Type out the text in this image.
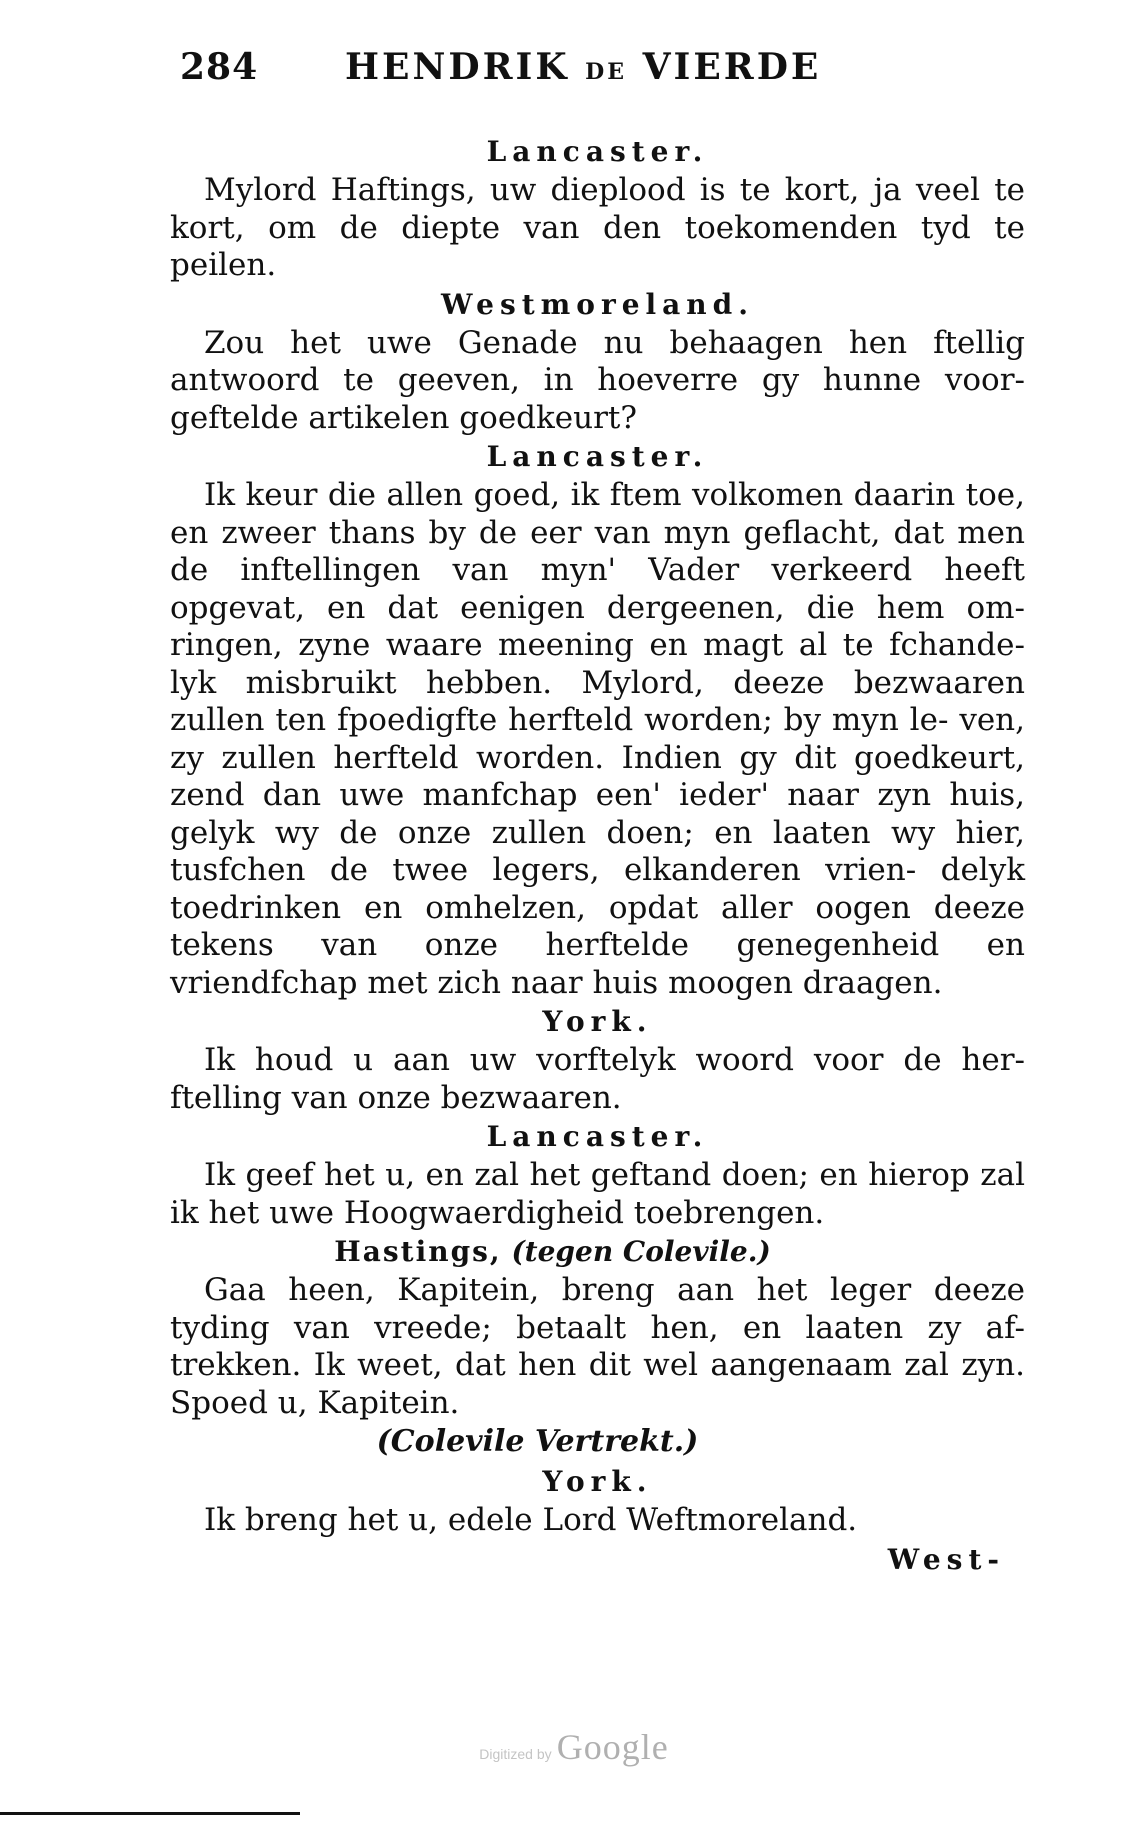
284 HENDRIK DE VIERDE
Lancaster.

Mylord Haftings, uw dieplood is te kort, ja veel te kort, om de diepte van den toekomenden tyd te peilen.

Westmoreland.

Zou het uwe Genade nu behaagen hen ftellig antwoord te geeven, in hoeverre gy hunne voor- geftelde artikelen goedkeurt?

Lancaster.

Ik keur die allen goed, ik ftem volkomen daarin toe, en zweer thans by de eer van myn geflacht, dat men de inftellingen van myn' Vader verkeerd heeft opgevat, en dat eenigen dergeenen, die hem om- ringen, zyne waare meening en magt al te fchande- lyk misbruikt hebben. Mylord, deeze bezwaaren zullen ten fpoedigfte herfteld worden; by myn le- ven, zy zullen herfteld worden. Indien gy dit goedkeurt, zend dan uwe manfchap een' ieder' naar zyn huis, gelyk wy de onze zullen doen; en laaten wy hier, tusfchen de twee legers, elkanderen vrien- delyk toedrinken en omhelzen, opdat aller oogen deeze tekens van onze herftelde genegenheid en vriendfchap met zich naar huis moogen draagen.

York.

Ik houd u aan uw vorftelyk woord voor de her- ftelling van onze bezwaaren.

Lancaster.

Ik geef het u, en zal het geftand doen; en hierop zal ik het uwe Hoogwaerdigheid toebrengen.

Hastings, (tegen Colevile.)

Gaa heen, Kapitein, breng aan het leger deeze tyding van vreede; betaalt hen, en laaten zy af- trekken. Ik weet, dat hen dit wel aangenaam zal zyn. Spoed u, Kapitein.

(Colevile Vertrekt.)
York.

Ik breng het u, edele Lord Weftmoreland.

West-
Digitized by Google
